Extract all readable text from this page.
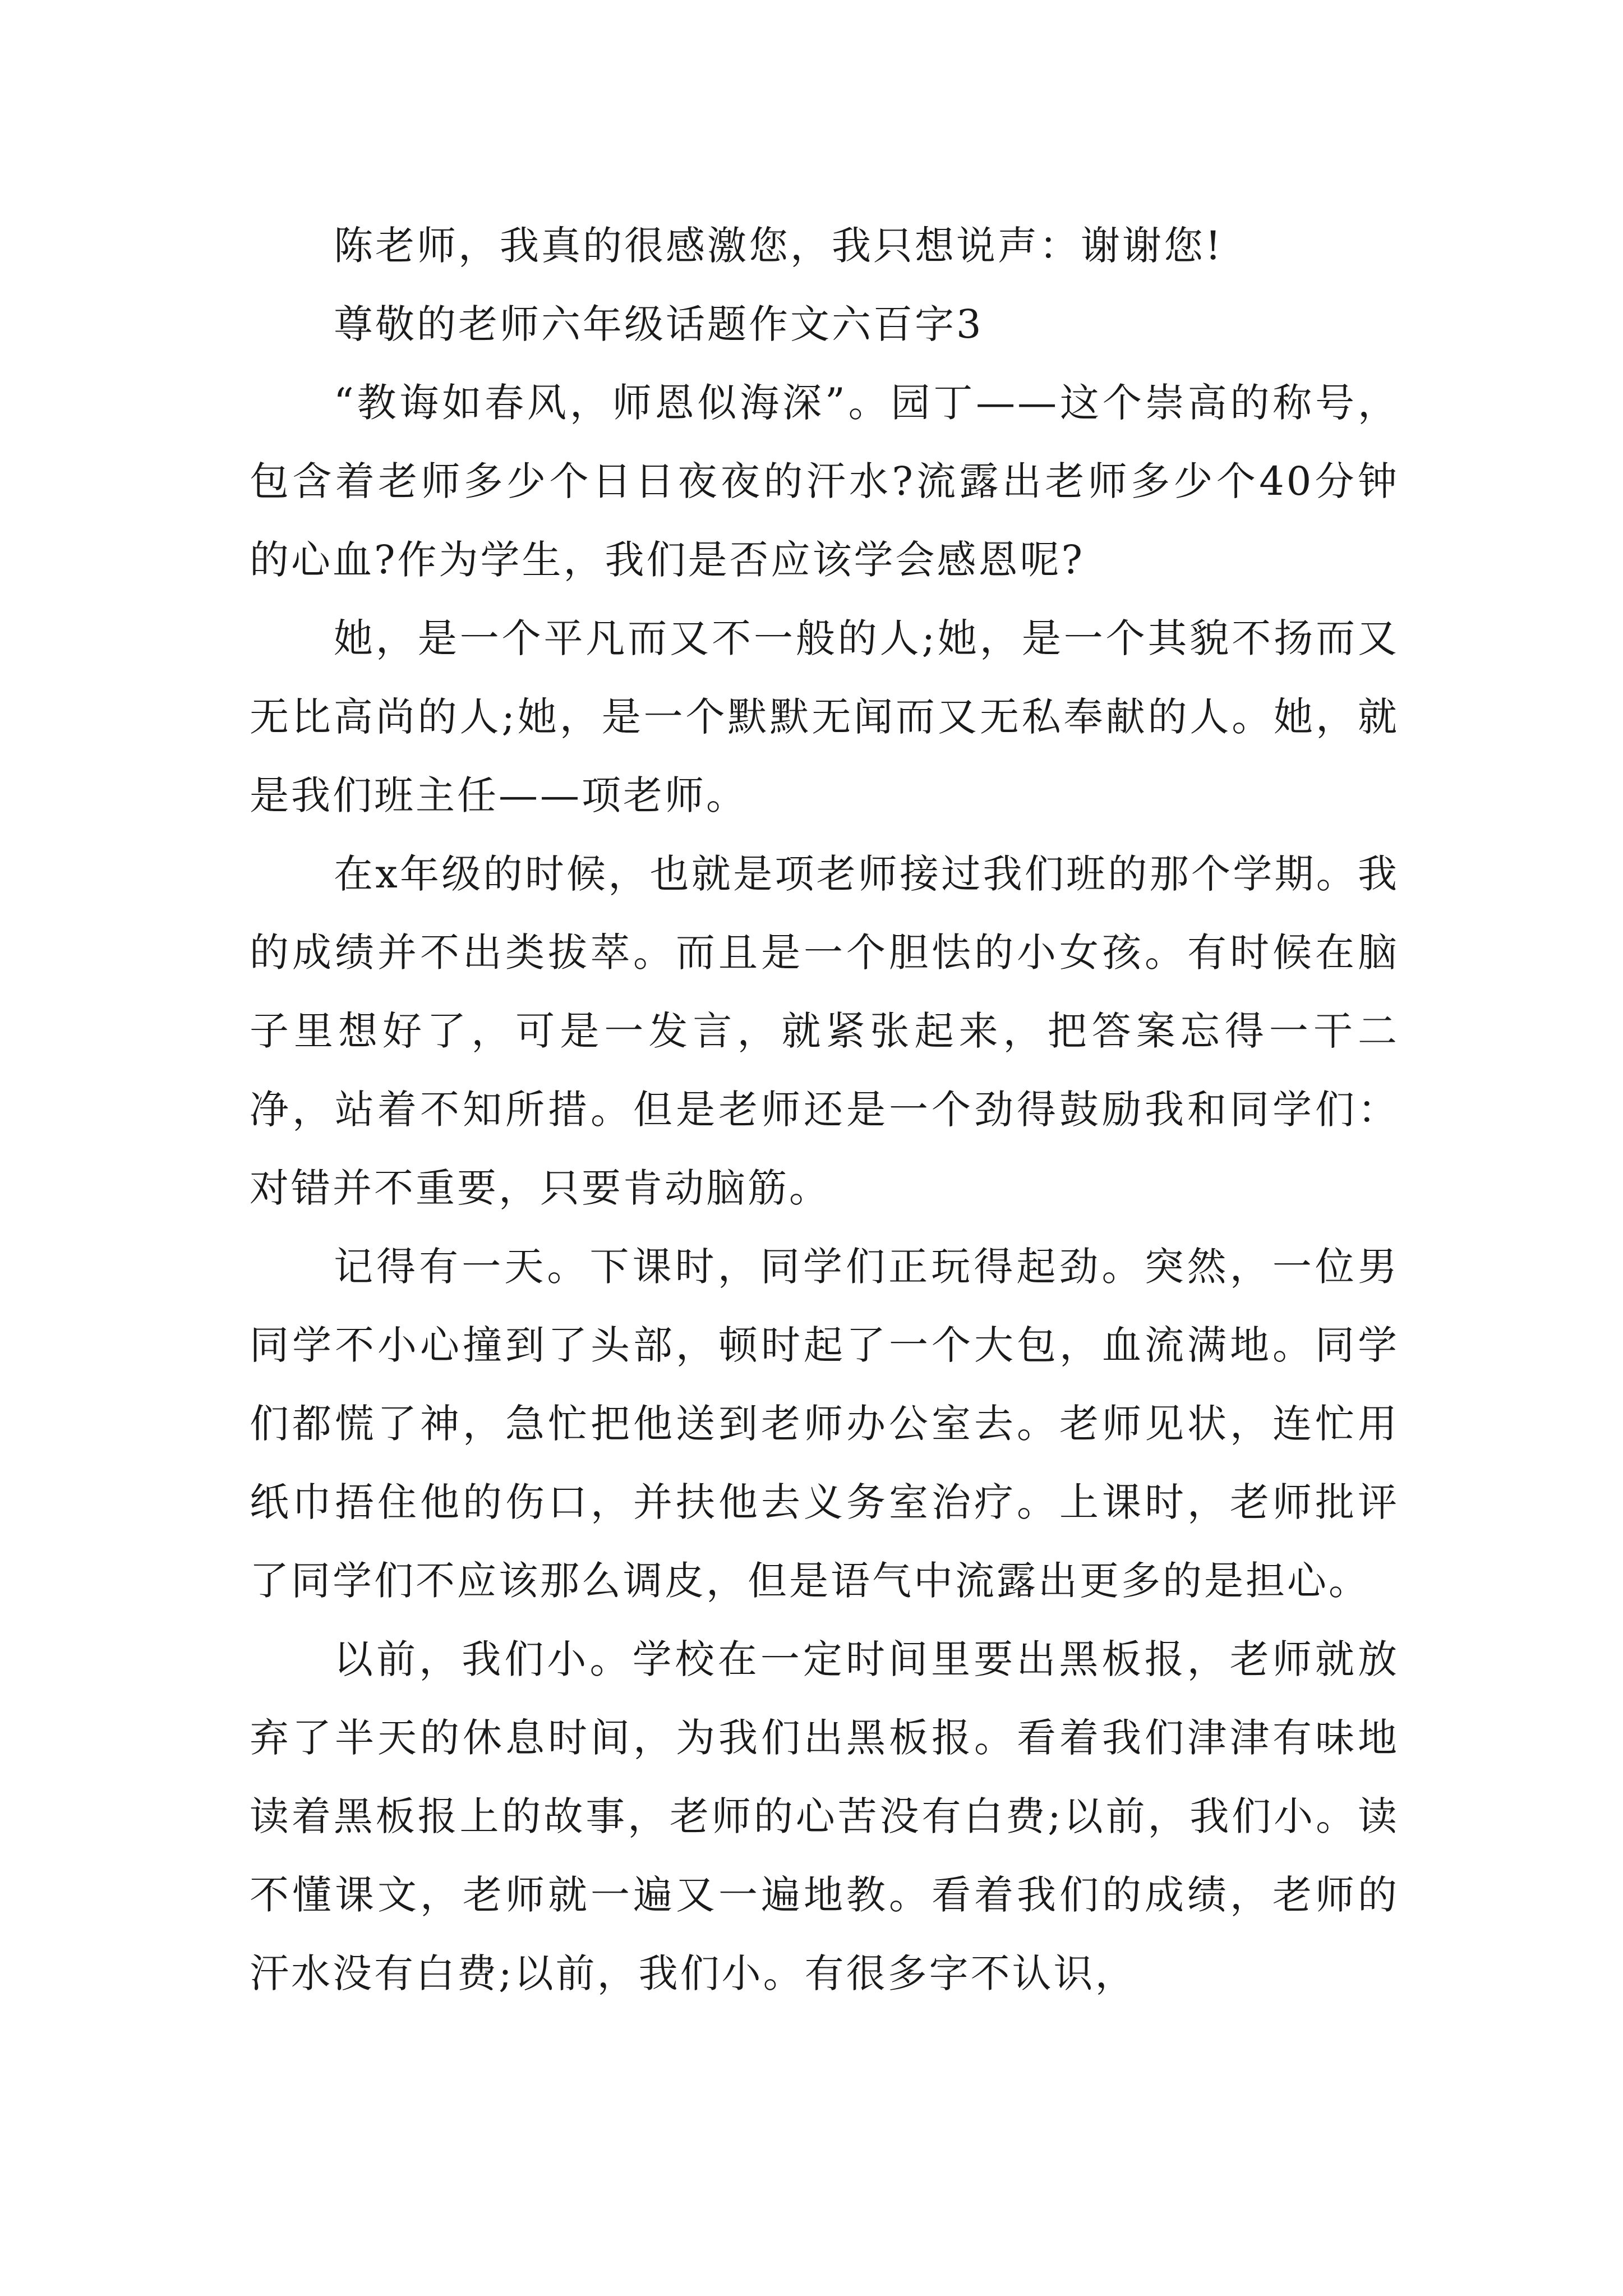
陈老师，我真的很感激您，我只想说声：谢谢您!

尊敬的老师六年级话题作文六百字3

“教诲如春风，师恩似海深”。园丁——这个崇高的称号，包含着老师多少个日日夜夜的汗水?流露出老师多少个40分钟的心血?作为学生，我们是否应该学会感恩呢?

她，是一个平凡而又不一般的人;她，是一个其貌不扬而又无比高尚的人;她，是一个默默无闻而又无私奉献的人。她，就是我们班主任——项老师。

在x年级的时候，也就是项老师接过我们班的那个学期。我的成绩并不出类拔萃。而且是一个胆怯的小女孩。有时候在脑子里想好了，可是一发言，就紧张起来，把答案忘得一干二净，站着不知所措。但是老师还是一个劲得鼓励我和同学们：对错并不重要，只要肯动脑筋。

记得有一天。下课时，同学们正玩得起劲。突然，一位男同学不小心撞到了头部，顿时起了一个大包，血流满地。同学们都慌了神，急忙把他送到老师办公室去。老师见状，连忙用纸巾捂住他的伤口，并扶他去义务室治疗。上课时，老师批评了同学们不应该那么调皮，但是语气中流露出更多的是担心。

以前，我们小。学校在一定时间里要出黑板报，老师就放弃了半天的休息时间，为我们出黑板报。看着我们津津有味地读着黑板报上的故事，老师的心苦没有白费;以前，我们小。读不懂课文，老师就一遍又一遍地教。看着我们的成绩，老师的汗水没有白费;以前，我们小。有很多字不认识，
